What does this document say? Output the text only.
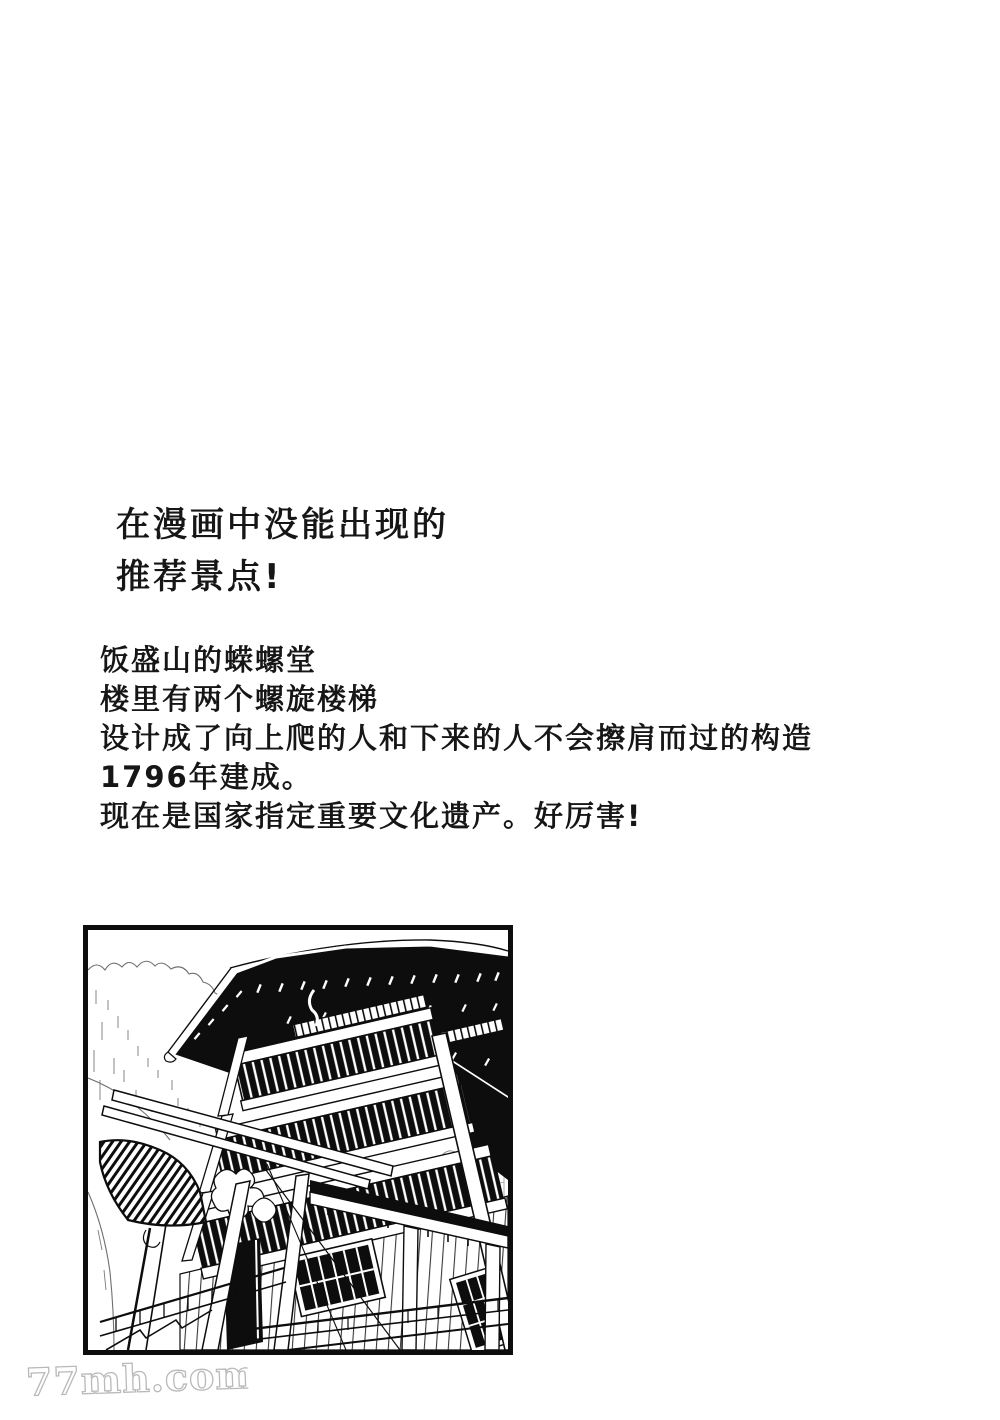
在漫画中没能出现的
推荐景点!
饭盛山的蝾螺堂
楼里有两个螺旋楼梯
设计成了向上爬的人和下来的人不会擦肩而过的构造
1796年建成。
现在是国家指定重要文化遗产。好厉害!
77mh.com
